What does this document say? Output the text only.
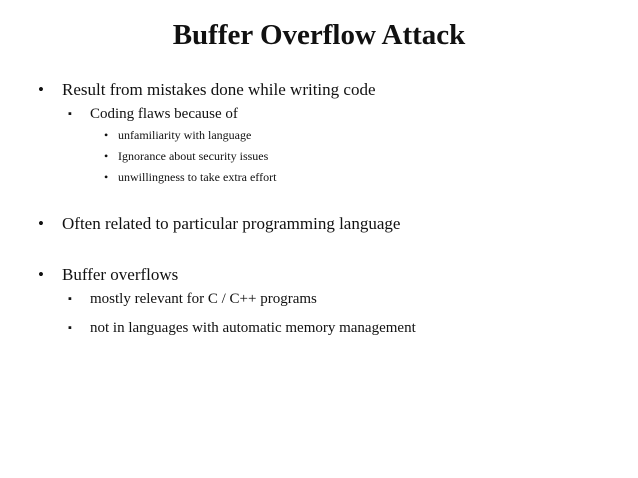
Buffer Overflow Attack
• Result from mistakes done while writing code

▪ Coding flaws because of

• unfamiliarity with language

• Ignorance about security issues

• unwillingness to take extra effort

• Often related to particular programming language

• Buffer overflows

▪ mostly relevant for C / C++ programs

▪ not in languages with automatic memory management
